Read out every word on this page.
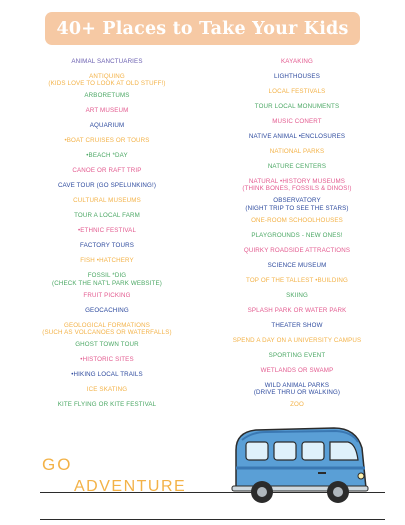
40+ Places to Take Your Kids
ANIMAL SANCTUARIES
ANTIQUING
(KIDS LOVE TO LOOK AT OLD STUFF!)
ARBORETUMS
ART MUSEUM
AQUARIUM
•BOAT CRUISES OR TOURS
•BEACH *DAY
CANOE OR RAFT TRIP
CAVE TOUR (GO SPELUNKING!)
CULTURAL MUSEUMS
TOUR A LOCAL FARM
•ETHNIC FESTIVAL
FACTORY TOURS
FISH •HATCHERY
FOSSIL *DIG
(CHECK THE NAT'L PARK WEBSITE)
FRUIT PICKING
GEOCACHING
GEOLOGICAL FORMATIONS
(SUCH AS VOLCANOES OR WATERFALLS)
GHOST TOWN TOUR
•HISTORIC SITES
•HIKING LOCAL TRAILS
ICE SKATING
KITE FLYING OR KITE FESTIVAL
KAYAKING
LIGHTHOUSES
LOCAL FESTIVALS
TOUR LOCAL MONUMENTS
MUSIC CONERT
NATIVE ANIMAL •ENCLOSURES
NATIONAL PARKS
NATURE CENTERS
NATURAL •HISTORY MUSEUMS
(THINK BONES, FOSSILS & DINOS!)
OBSERVATORY
(NIGHT TRIP TO SEE THE STARS)
ONE-ROOM SCHOOLHOUSES
PLAYGROUNDS - NEW ONES!
QUIRKY ROADSIDE ATTRACTIONS
SCIENCE MUSEUM
TOP OF THE TALLEST •BUILDING
SKIING
SPLASH PARK OR WATER PARK
THEATER SHOW
SPEND A DAY ON A UNIVERSITY CAMPUS
SPORTING EVENT
WETLANDS OR SWAMP
WILD ANIMAL PARKS
(DRIVE THRU OR WALKING)
ZOO
GO
ADVENTURE
